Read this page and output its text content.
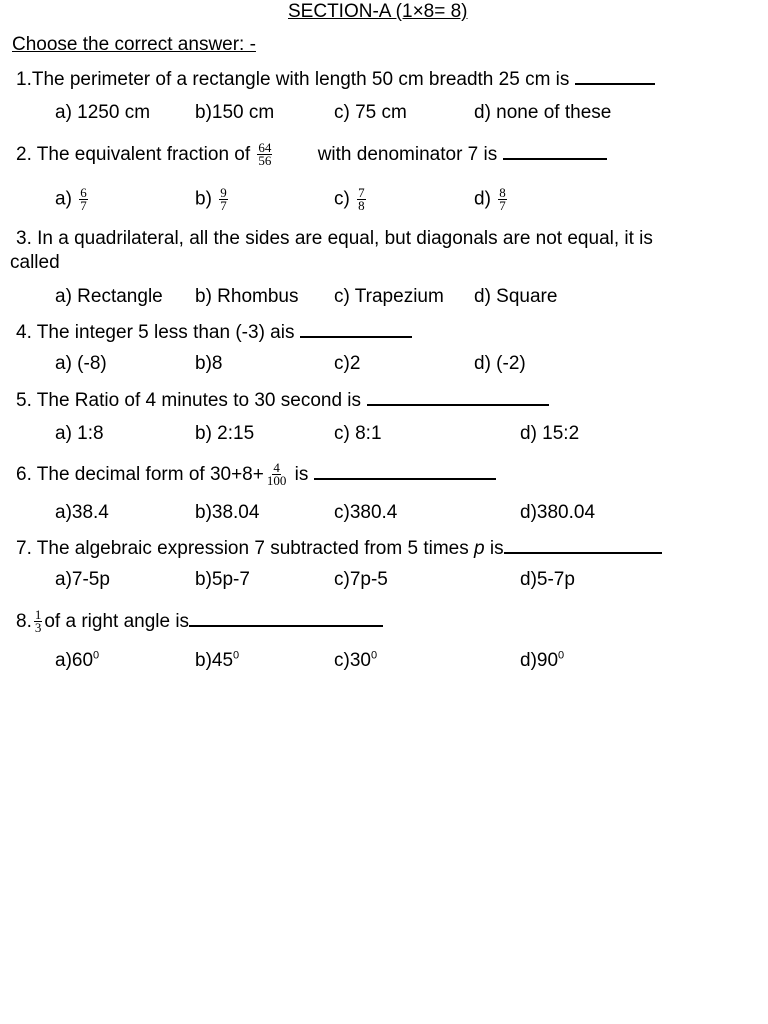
SECTION-A (1×8= 8)
Choose the correct answer: -
1.The perimeter of a rectangle with length 50 cm breadth 25 cm is
a) 1250 cm b)150 cm	c) 75 cm	d) none of these
2. The equivalent fraction of $\frac{64}{56}$ with denominator 7 is
$a) \frac{6}{7}$	$b) \frac{9}{7}$	$c) \frac{7}{8}$	$d) \frac{8}{7}$
3. In a quadrilateral, all the sides are equal, but diagonals are not equal, it is
called
a) Rectangle b) Rhombus c) Trapezium d) Square
4. The integer 5 less than (-3) ais
a) (-8)	b)8	c)2	d) (-2)
5. The Ratio of 4 minutes to 30 second is
a) 1:8	b) 2:15	c) 8:1	d) 15:2
6. The decimal form of $30+8+ \frac{4}{100}$ is
a)38.4	b)38.04	c)380.4	d)380.04
7. The algebraic expression 7 subtracted from 5 times p is
a)7-5p	b)5p-7	c)7p-5	d)5-7p
8. $\frac{1}{3}$ of a right angle is
$a)60^0$	$b)45^0$	$c)30^0$	$d)90^0$
